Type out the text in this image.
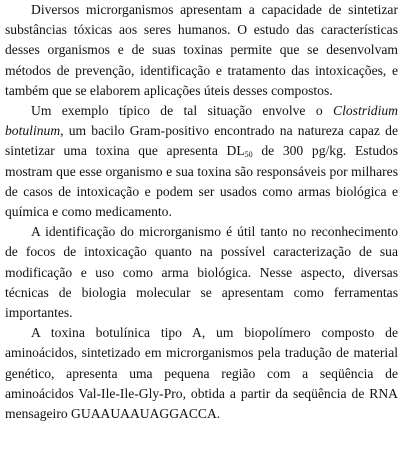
Diversos microrganismos apresentam a capacidade de sintetizar substâncias tóxicas aos seres humanos. O estudo das características desses organismos e de suas toxinas permite que se desenvolvam métodos de prevenção, identificação e tratamento das intoxicações, e também que se elaborem aplicações úteis desses compostos.

Um exemplo típico de tal situação envolve o Clostridium botulinum, um bacilo Gram-positivo encontrado na natureza capaz de sintetizar uma toxina que apresenta $DL_{50}$ de 300 pg/kg. Estudos mostram que esse organismo e sua toxina são responsáveis por milhares de casos de intoxicação e podem ser usados como armas biológica e química e como medicamento.

A identificação do microrganismo é útil tanto no reconhecimento de focos de intoxicação quanto na possível caracterização de sua modificação e uso como arma biológica. Nesse aspecto, diversas técnicas de biologia molecular se apresentam como ferramentas importantes.

A toxina botulínica tipo A, um biopolímero composto de aminoácidos, sintetizado em microrganismos pela tradução de material genético, apresenta uma pequena região com a seqüência de aminoácidos Val-Ile-Ile-Gly-Pro, obtida a partir da seqüência de RNA mensageiro GUAAUAAUAGGACCA.
